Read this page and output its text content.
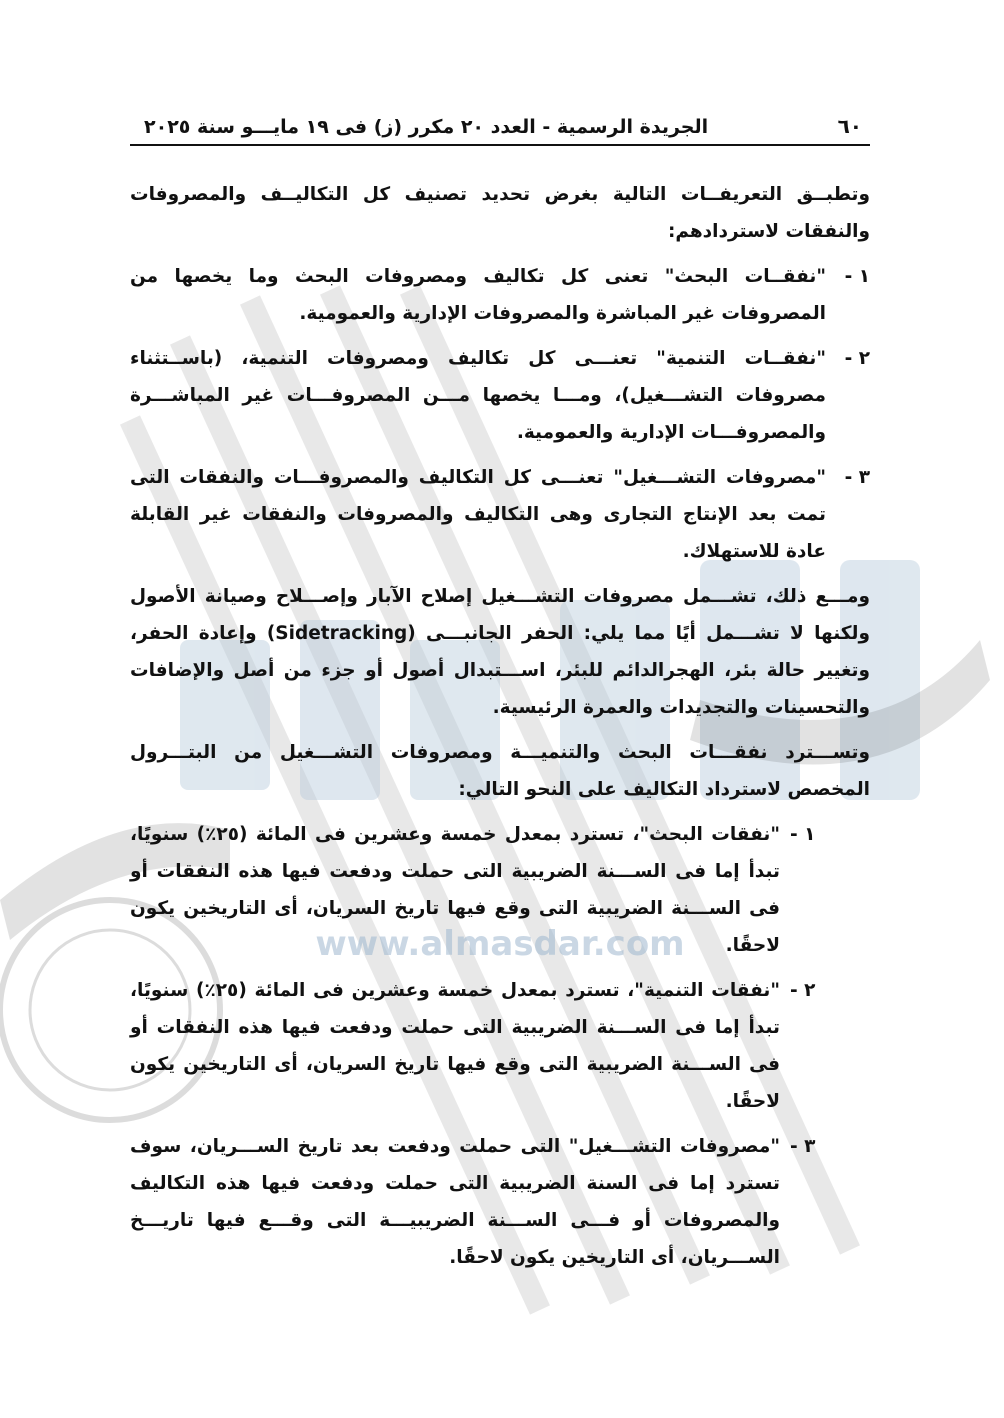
www.almasdar.com
٦٠
الجريدة الرسمية - العدد ٢٠ مكرر (ز) فى ١٩ مايـــو سنة ٢٠٢٥

وتطبــق التعريفــات التالية بغرض تحديد تصنيف كل التكاليــف والمصروفات والنفقات لاستردادهم:

١ -
"نفقــات البحث" تعنى كل تكاليف ومصروفات البحث وما يخصها من المصروفات غير المباشرة والمصروفات الإدارية والعمومية.
٢ -
"نفقــات التنمية" تعنـــى كل تكاليف ومصروفات التنمية، (باســتثناء مصروفات التشـــغيل)، ومـــا يخصها مـــن المصروفـــات غير المباشـــرة والمصروفـــات الإدارية والعمومية.
٣ -
"مصروفات التشـــغيل" تعنـــى كل التكاليف والمصروفـــات والنفقات التى تمت بعد الإنتاج التجارى وهى التكاليف والمصروفات والنفقات غير القابلة عادة للاستهلاك.

ومـــع ذلك، تشـــمل مصروفات التشـــغيل إصلاح الآبار وإصـــلاح وصيانة الأصول ولكنها لا تشـــمل أيًا مما يلي: الحفر الجانبـــى (Sidetracking) وإعادة الحفر، وتغيير حالة بئر، الهجرالدائم للبئر، اســـتبدال أصول أو جزء من أصل والإضافات والتحسينات والتجديدات والعمرة الرئيسية.

وتســـترد نفقـــات البحث والتنميـــة ومصروفات التشـــغيل من البتـــرول المخصص لاسترداد التكاليف على النحو التالي:

١ -
"نفقات البحث"، تسترد بمعدل خمسة وعشرين فى المائة (٢٥٪) سنويًا، تبدأ إما فى الســـنة الضريبية التى حملت ودفعت فيها هذه النفقات أو فى الســـنة الضريبية التى وقع فيها تاريخ السريان، أى التاريخين يكون لاحقًا.
٢ -
"نفقات التنمية"، تسترد بمعدل خمسة وعشرين فى المائة (٢٥٪) سنويًا، تبدأ إما فى الســـنة الضريبية التى حملت ودفعت فيها هذه النفقات أو فى الســـنة الضريبية التى وقع فيها تاريخ السريان، أى التاريخين يكون لاحقًا.
٣ -
"مصروفات التشـــغيل" التى حملت ودفعت بعد تاريخ الســـريان، سوف تسترد إما فى السنة الضريبية التى حملت ودفعت فيها هذه التكاليف والمصروفات أو فـــى الســـنة الضريبيـــة التى وقـــع فيها تاريـــخ الســـريان، أى التاريخين يكون لاحقًا.
